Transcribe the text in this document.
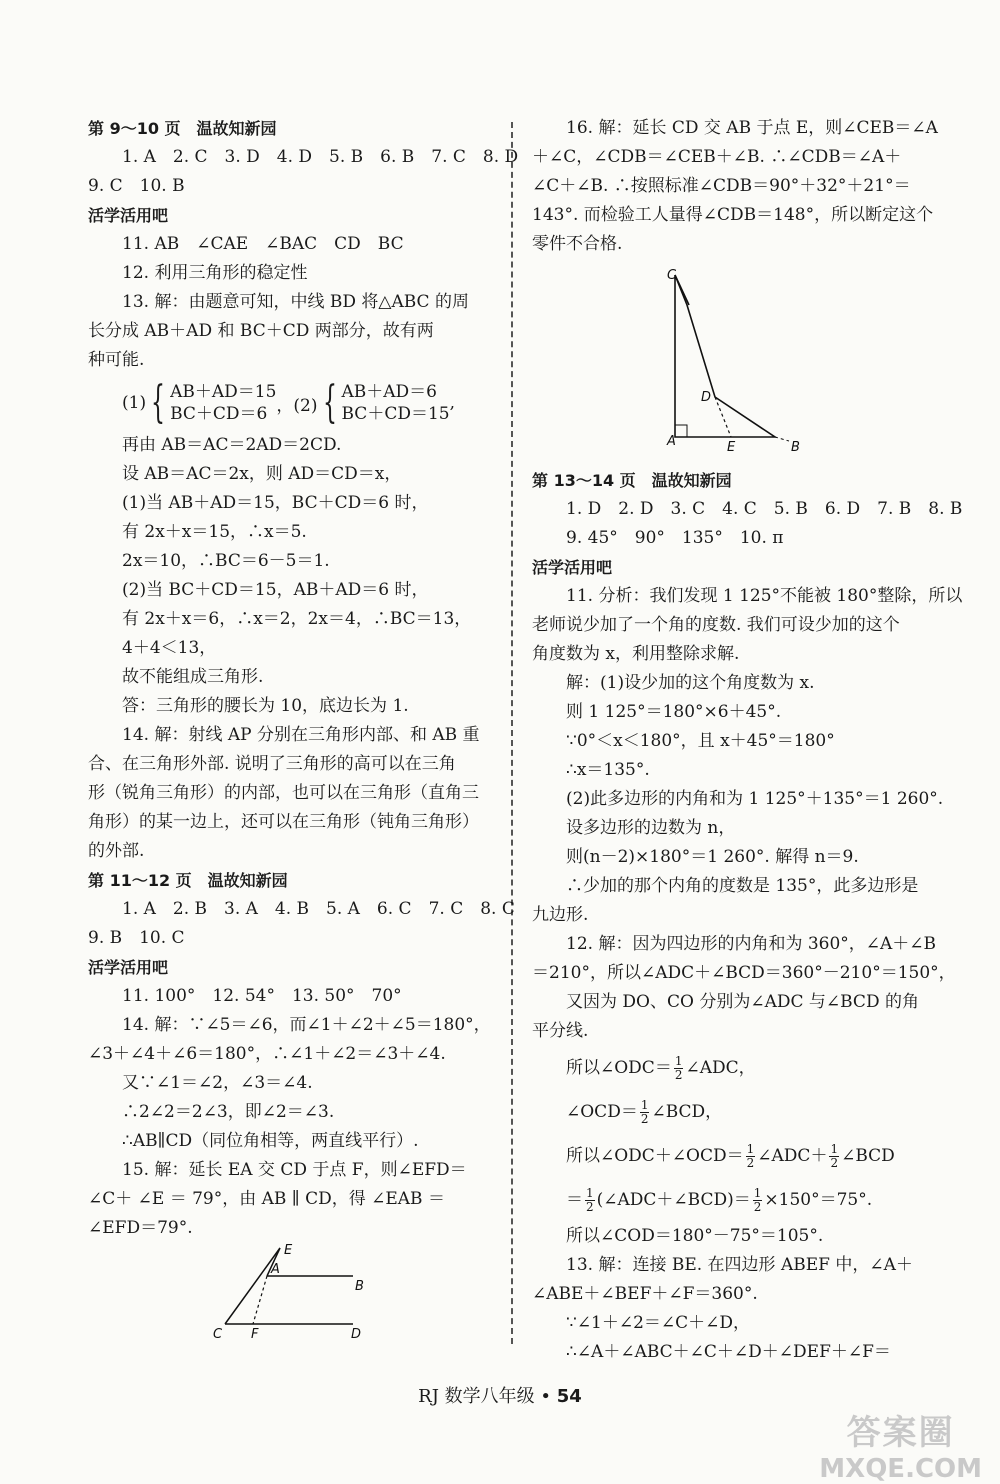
第 9～10 页　温故知新园
1. A　2. C　3. D　4. D　5. B　6. B　7. C　8. D
9. C　10. B
活学活用吧
11. AB　∠CAE　∠BAC　CD　BC
12. 利用三角形的稳定性
13. 解：由题意可知，中线 BD 将△ABC 的周
长分成 AB＋AD 和 BC＋CD 两部分，故有两
种可能.
(1) { AB＋AD＝15
BC＋CD＝6 ，(2) { AB＋AD＝6
BC＋CD＝15
,
再由 AB＝AC＝2AD＝2CD.
设 AB＝AC＝2x，则 AD＝CD＝x，
(1)当 AB＋AD＝15，BC＋CD＝6 时，
有 2x＋x＝15，∴x＝5.
2x＝10，∴BC＝6－5＝1.
(2)当 BC＋CD＝15，AB＋AD＝6 时，
有 2x＋x＝6，∴x＝2，2x＝4，∴BC＝13，
4＋4＜13，
故不能组成三角形.
答：三角形的腰长为 10，底边长为 1.
14. 解：射线 AP 分别在三角形内部、和 AB 重
合、在三角形外部. 说明了三角形的高可以在三角
形（锐角三角形）的内部，也可以在三角形（直角三
角形）的某一边上，还可以在三角形（钝角三角形）
的外部.
第 11～12 页　温故知新园
1. A　2. B　3. A　4. B　5. A　6. C　7. C　8. C
9. B　10. C
活学活用吧
11. 100°　12. 54°　13. 50°　70°
14. 解：∵∠5＝∠6，而∠1＋∠2＋∠5＝180°，
∠3＋∠4＋∠6＝180°，∴∠1＋∠2＝∠3＋∠4.
又∵∠1＝∠2，∠3＝∠4.
∴2∠2＝2∠3，即∠2＝∠3.
∴AB∥CD（同位角相等，两直线平行）.
15. 解：延长 EA 交 CD 于点 F，则∠EFD＝
∠C＋ ∠E ＝ 79°，由 AB ∥ CD，得 ∠EAB ＝
∠EFD＝79°.
E
A
B
C F	D
16. 解：延长 CD 交 AB 于点 E，则∠CEB＝∠A
＋∠C，∠CDB＝∠CEB＋∠B. ∴∠CDB＝∠A＋
∠C＋∠B. ∴按照标准∠CDB＝90°＋32°＋21°＝
143°. 而检验工人量得∠CDB＝148°，所以断定这个
零件不合格.
第 13～14 页　温故知新园
1. D　2. D　3. C　4. C　5. B　6. D　7. B　8. B
9. 45°　90°　135°　10. π
活学活用吧
11. 分析：我们发现 1 125°不能被 180°整除，所以
老师说少加了一个角的度数. 我们可设少加的这个
角度数为 x，利用整除求解.
解：(1)设少加的这个角度数为 x.
则 1 125°＝180°×6＋45°.
∵0°＜x＜180°，且 x＋45°＝180°
∴x＝135°.
(2)此多边形的内角和为 1 125°＋135°＝1 260°.
设多边形的边数为 n，
则(n－2)×180°＝1 260°. 解得 n＝9.
∴少加的那个内角的度数是 135°，此多边形是
九边形.
12. 解：因为四边形的内角和为 360°，∠A＋∠B
＝210°，所以∠ADC＋∠BCD＝360°－210°＝150°，
又因为 DO、CO 分别为∠ADC 与∠BCD 的角
平分线.
所以∠ODC＝ $\frac{1}{2}$ ∠ADC，
∠OCD＝ $\frac{1}{2}$ ∠BCD，
所以∠ODC＋∠OCD＝ $\frac{1}{2}$ ∠ADC＋ $\frac{1}{2}$ ∠BCD
＝ $\frac{1}{2}$ (∠ADC＋∠BCD)＝ $\frac{1}{2} \times 150^\circ=75^\circ$.
所以∠COD＝180°－75°＝105°.
13. 解：连接 BE. 在四边形 ABEF 中，∠A＋
∠ABE＋∠BEF＋∠F＝360°.
∵∠1＋∠2＝∠C＋∠D，
∴∠A＋∠ABC＋∠C＋∠D＋∠DEF＋∠F＝
C
D
A	E	B
RJ 数学八年级 • 54
答案圈
MXQE.COM
